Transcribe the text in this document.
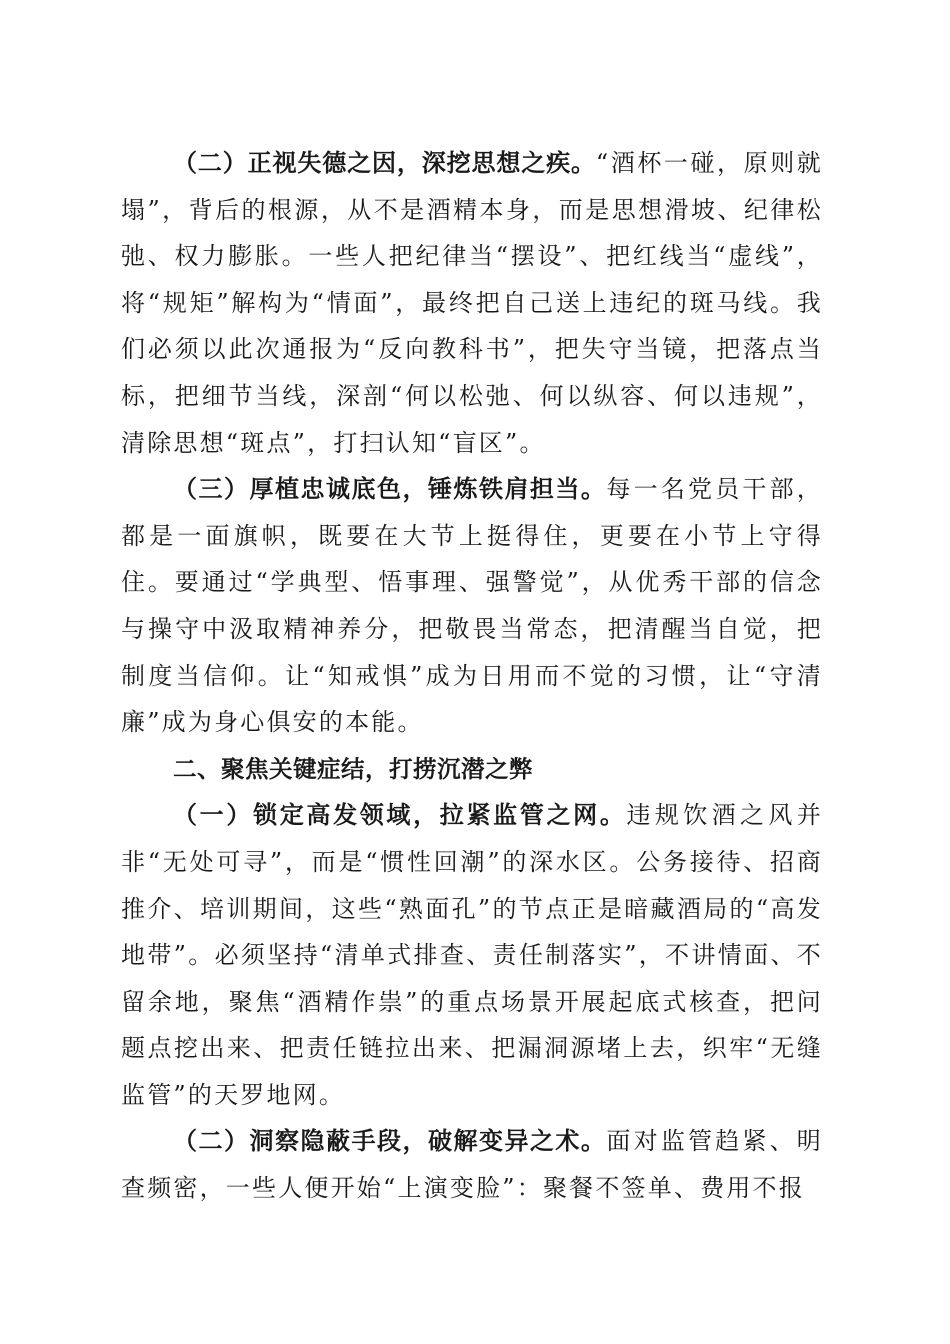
（二）正视失德之因，深挖思想之疾。“酒杯一碰，原则就塌”，背后的根源，从不是酒精本身，而是思想滑坡、纪律松弛、权力膨胀。一些人把纪律当“摆设”、把红线当“虚线”，将“规矩”解构为“情面”，最终把自己送上违纪的斑马线。我们必须以此次通报为“反向教科书”，把失守当镜，把落点当标，把细节当线，深剖“何以松弛、何以纵容、何以违规”，清除思想“斑点”，打扫认知“盲区”。

（三）厚植忠诚底色，锤炼铁肩担当。每一名党员干部，都是一面旗帜，既要在大节上挺得住，更要在小节上守得住。要通过“学典型、悟事理、强警觉”，从优秀干部的信念与操守中汲取精神养分，把敬畏当常态，把清醒当自觉，把制度当信仰。让“知戒惧”成为日用而不觉的习惯，让“守清廉”成为身心俱安的本能。

二、聚焦关键症结，打捞沉潜之弊

（一）锁定高发领域，拉紧监管之网。违规饮酒之风并非“无处可寻”，而是“惯性回潮”的深水区。公务接待、招商推介、培训期间，这些“熟面孔”的节点正是暗藏酒局的“高发地带”。必须坚持“清单式排查、责任制落实”，不讲情面、不留余地，聚焦“酒精作祟”的重点场景开展起底式核查，把问题点挖出来、把责任链拉出来、把漏洞源堵上去，织牢“无缝监管”的天罗地网。

（二）洞察隐蔽手段，破解变异之术。面对监管趋紧、明查频密，一些人便开始“上演变脸”：聚餐不签单、费用不报
